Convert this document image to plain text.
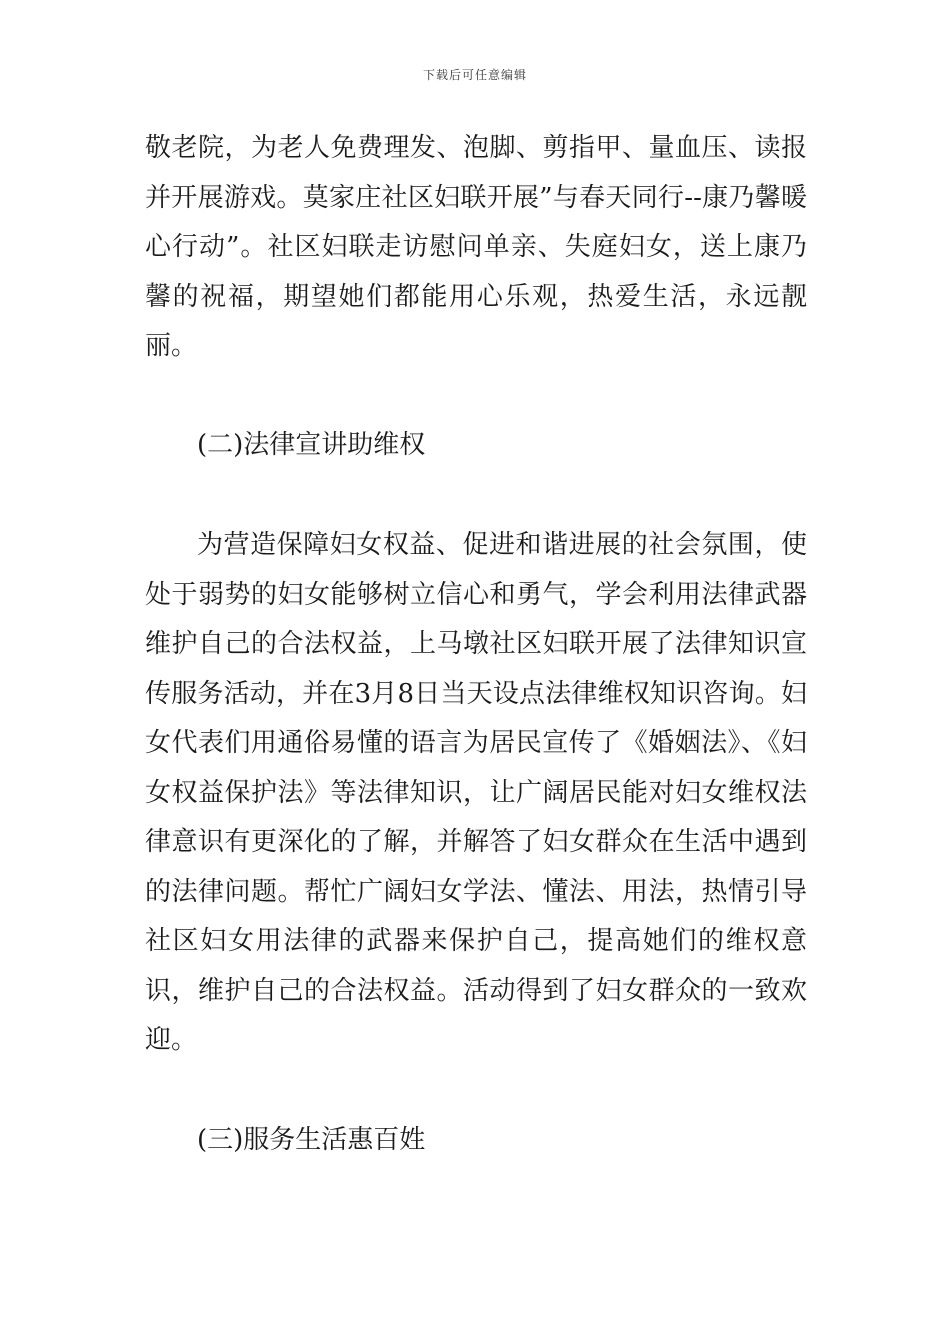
下载后可任意编辑

敬老院，为老人免费理发、泡脚、剪指甲、量血压、读报并开展游戏。莫家庄社区妇联开展”与春天同行--康乃馨暖心行动”。社区妇联走访慰问单亲、失庭妇女，送上康乃馨的祝福，期望她们都能用心乐观，热爱生活，永远靓丽。

(二)法律宣讲助维权

为营造保障妇女权益、促进和谐进展的社会氛围，使处于弱势的妇女能够树立信心和勇气，学会利用法律武器维护自己的合法权益，上马墩社区妇联开展了法律知识宣传服务活动，并在3月8日当天设点法律维权知识咨询。妇女代表们用通俗易懂的语言为居民宣传了《婚姻法》、《妇女权益保护法》等法律知识，让广阔居民能对妇女维权法律意识有更深化的了解，并解答了妇女群众在生活中遇到的法律问题。帮忙广阔妇女学法、懂法、用法，热情引导社区妇女用法律的武器来保护自己，提高她们的维权意识，维护自己的合法权益。活动得到了妇女群众的一致欢迎。

(三)服务生活惠百姓
